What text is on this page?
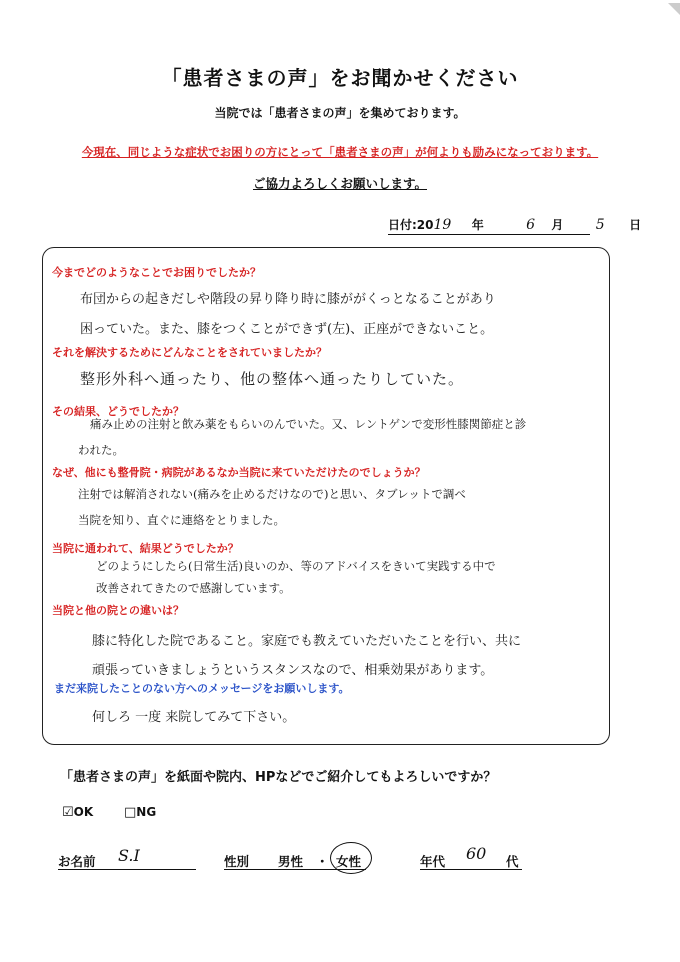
「患者さまの声」をお聞かせください
当院では「患者さまの声」を集めております。
今現在、同じような症状でお困りの方にとって「患者さまの声」が何よりも励みになっております。
ご協力よろしくお願いします。
日付:2019 年	6 月 5 日
今までどのようなことでお困りでしたか？
布団からの起きだしや階段の昇り降り時に膝ががくっとなることがあり
困っていた。また、膝をつくことができず(左)、正座ができないこと。
それを解決するためにどんなことをされていましたか？
整形外科へ通ったり、他の整体へ通ったりしていた。
その結果、どうでしたか？
痛み止めの注射と飲み薬をもらいのんでいた。又、レントゲンで変形性膝関節症と診
われた。
なぜ、他にも整骨院・病院があるなか当院に来ていただけたのでしょうか？
注射では解消されない(痛みを止めるだけなので)と思い、タブレットで調べ
当院を知り、直ぐに連絡をとりました。
当院に通われて、結果どうでしたか？
どのようにしたら(日常生活)良いのか、等のアドバイスをきいて実践する中で
改善されてきたので感謝しています。
当院と他の院との違いは？
膝に特化した院であること。家庭でも教えていただいたことを行い、共に
頑張っていきましょうというスタンスなので、相乗効果があります。
まだ来院したことのない方へのメッセージをお願いします。
何しろ 一度 来院してみて下さい。
「患者さまの声」を紙面や院内、HPなどでご紹介してもよろしいですか？
☑OK □NG
お名前 S.I	性別 男性 ・ 女性	年代 60 代
